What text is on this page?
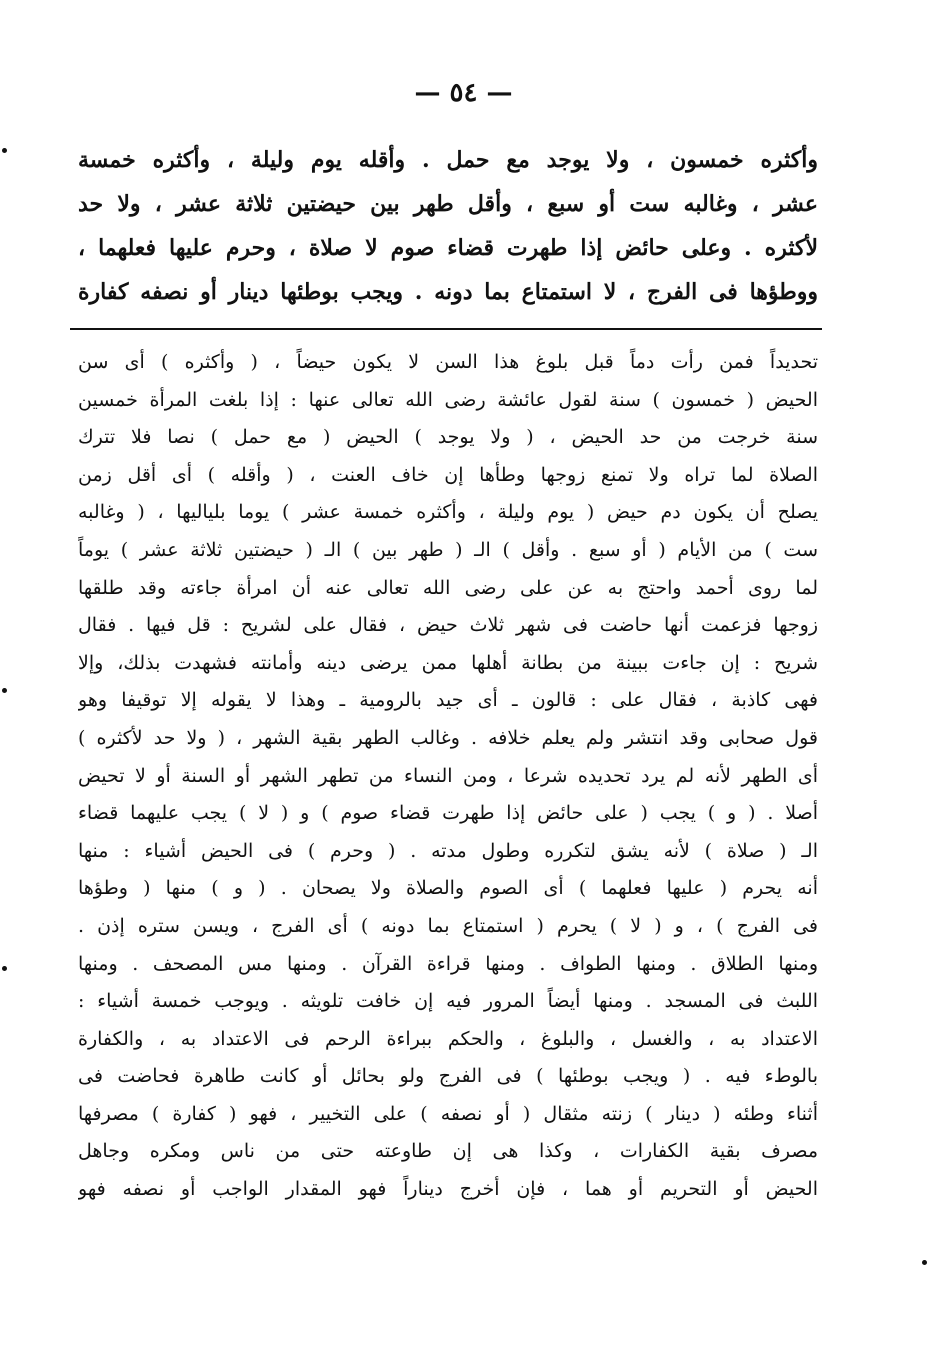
— ٥٤ —
وأكثره خمسون ، ولا يوجد مع حمل . وأقله يوم وليلة ، وأكثره خمسة
عشر ، وغالبه ست أو سبع ، وأقل طهر بين حيضتين ثلاثة عشر ، ولا حد
لأكثره . وعلى حائض إذا طهرت قضاء صوم لا صلاة ، وحرم عليها فعلهما ،
ووطؤها فى الفرج ، لا استمتاع بما دونه . ويجب بوطئها دينار أو نصفه كفارة
تحديداً فمن رأت دماً قبل بلوغ هذا السن لا يكون حيضاً ، ( وأكثره ) أى سن
الحيض ( خمسون ) سنة لقول عائشة رضى الله تعالى عنها : إذا بلغت المرأة خمسين
سنة خرجت من حد الحيض ، ( ولا يوجد ) الحيض ( مع حمل ) نصا فلا تترك
الصلاة لما تراه ولا تمنع زوجها وطأها إن خاف العنت ، ( وأقله ) أى أقل زمن
يصلح أن يكون دم حيض ( يوم وليلة ، وأكثره خمسة عشر ) يوما بلياليها ، ( وغالبه
ست ) من الأيام ( أو سبع . وأقل ) الـ ( طهر بين ) الـ ( حيضتين ثلاثة عشر ) يوماً
لما روى أحمد واحتج به عن على رضى الله تعالى عنه أن امرأة جاءته وقد طلقها
زوجها فزعمت أنها حاضت فى شهر ثلاث حيض ، فقال على لشريح : قل فيها . فقال
شريح : إن جاءت ببينة من بطانة أهلها ممن يرضى دينه وأمانته فشهدت بذلك، وإلا
فهى كاذبة ، فقال على : قالون ـ أى جيد بالرومية ـ وهذا لا يقوله إلا توقيفا وهو
قول صحابى وقد انتشر ولم يعلم خلافه . وغالب الطهر بقية الشهر ، ( ولا حد لأكثره )
أى الطهر لأنه لم يرد تحديده شرعا ، ومن النساء من تطهر الشهر أو السنة أو لا تحيض
أصلا . ( و ) يجب ( على حائض إذا طهرت قضاء صوم ) و ( لا ) يجب عليهما قضاء
الـ ( صلاة ) لأنه يشق لتكرره وطول مدته . ( وحرم ) فى الحيض أشياء : منها
أنه يحرم ( عليها فعلهما ) أى الصوم والصلاة ولا يصحان . ( و ) منها ( وطؤها
فى الفرج ) ، و ( لا ) يحرم ( استمتاع بما دونه ) أى الفرج ، ويسن ستره إذن .
ومنها الطلاق . ومنها الطواف . ومنها قراءة القرآن . ومنها مس المصحف . ومنها
اللبث فى المسجد . ومنها أيضاً المرور فيه إن خافت تلويثه . ويوجب خمسة أشياء :
الاعتداد به ، والغسل ، والبلوغ ، والحكم ببراءة الرحم فى الاعتداد به ، والكفارة
بالوطء فيه . ( ويجب بوطئها ) فى الفرج ولو بحائل أو كانت طاهرة فحاضت فى
أثناء وطئه ( دينار ) زنته مثقال ( أو نصفه ) على التخيير ، فهو ( كفارة ) مصرفها
مصرف بقية الكفارات ، وكذا هى إن طاوعته حتى من ناس ومكره وجاهل
الحيض أو التحريم أو هما ، فإن أخرج ديناراً فهو المقدار الواجب أو نصفه فهو
